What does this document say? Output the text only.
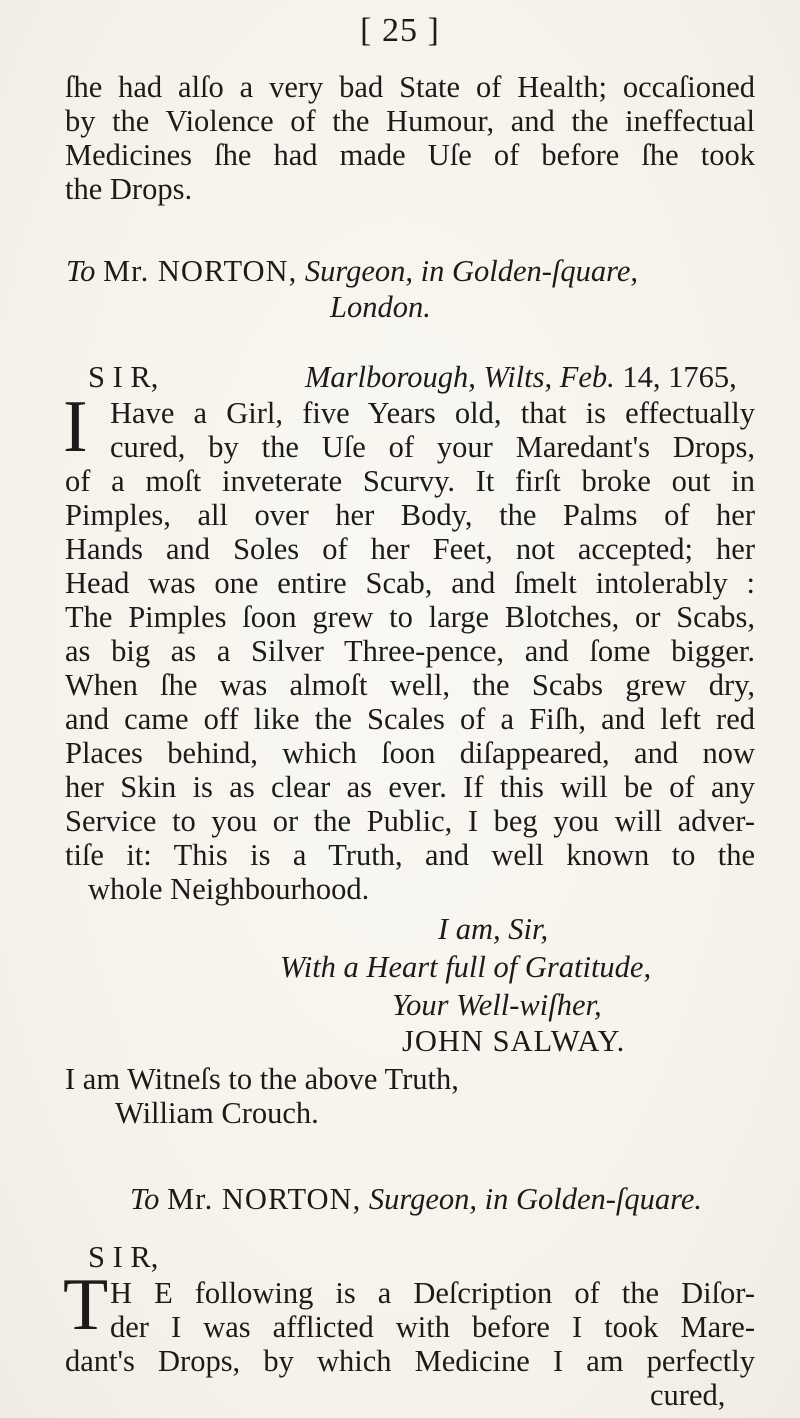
[ 25 ]
ſhe had alſo a very bad State of Health; occaſioned
by the Violence of the Humour, and the ineffectual
Medicines ſhe had made Uſe of before ſhe took
the Drops.
To Mr. NORTON, Surgeon, in Golden-ſquare,
London.
S I R,	Marlborough, Wilts, Feb. 14, 1765,
I Have a Girl, five Years old, that is effectually
cured, by the Uſe of your Maredant's Drops,
of a moſt inveterate Scurvy. It firſt broke out in
Pimples, all over her Body, the Palms of her
Hands and Soles of her Feet, not accepted; her
Head was one entire Scab, and ſmelt intolerably :
The Pimples ſoon grew to large Blotches, or Scabs,
as big as a Silver Three-pence, and ſome bigger.
When ſhe was almoſt well, the Scabs grew dry,
and came off like the Scales of a Fiſh, and left red
Places behind, which ſoon diſappeared, and now
her Skin is as clear as ever. If this will be of any
Service to you or the Public, I beg you will adver-
tiſe it: This is a Truth, and well known to the
whole Neighbourhood.
I am, Sir,
With a Heart full of Gratitude,
Your Well-wiſher,
JOHN SALWAY.
I am Witneſs to the above Truth,
William Crouch.
To Mr. NORTON, Surgeon, in Golden-ſquare.
S I R,
T H E following is a Deſcription of the Diſor-
der I was afflicted with before I took Mare-
dant's Drops, by which Medicine I am perfectly
cured,
